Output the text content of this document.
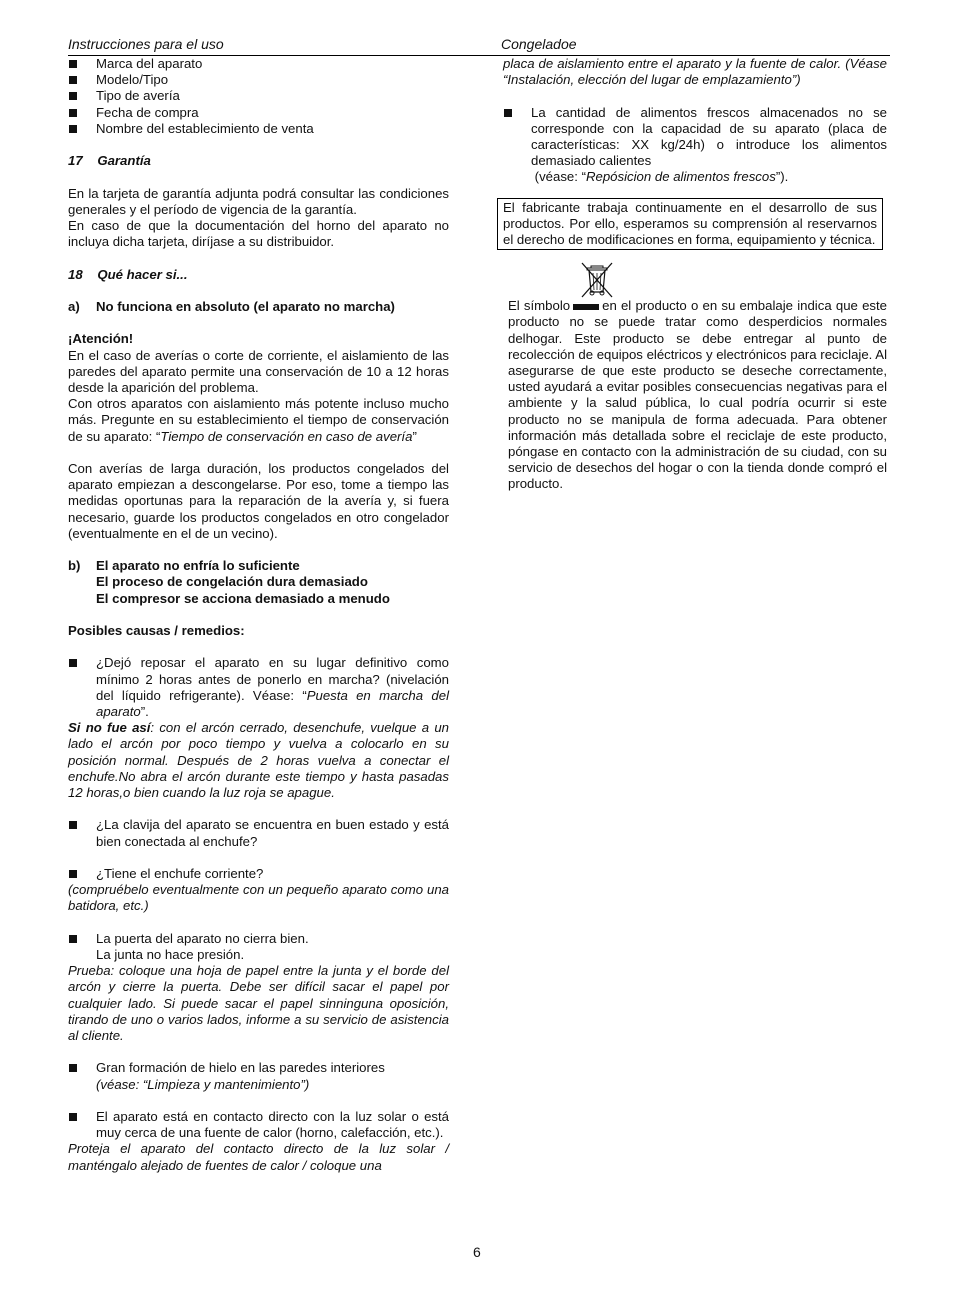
Instrucciones para el uso	Congeladoe
Marca del aparato
Modelo/Tipo
Tipo de avería
Fecha de compra
Nombre del establecimiento de venta

17 Garantía

En la tarjeta de garantía adjunta podrá consultar las condiciones generales y el período de vigencia de la garantía.

En caso de que la documentación del horno del aparato no incluya dicha tarjeta, diríjase a su distribuidor.

18 Qué hacer si...

a)	No funciona en absoluto (el aparato no marcha)

¡Atención!

En el caso de averías o corte de corriente, el aislamiento de las paredes del aparato permite una conservación de 10 a 12 horas desde la aparición del problema.

Con otros aparatos con aislamiento más potente incluso mucho más. Pregunte en su establecimiento el tiempo de conservación de su aparato: “Tiempo de conservación en caso de avería”

Con averías de larga duración, los productos congelados del aparato empiezan a descongelarse. Por eso, tome a tiempo las medidas oportunas para la reparación de la avería y, si fuera necesario, guarde los productos congelados en otro congelador (eventualmente en el de un vecino).

b)	El aparato no enfría lo suficiente
El proceso de congelación dura demasiado
El compresor se acciona demasiado a menudo

Posibles causas / remedios:

¿Dejó reposar el aparato en su lugar definitivo como mínimo 2 horas antes de ponerlo en marcha? (nivelación del líquido refrigerante). Véase: “Puesta en marcha del aparato”.

Si no fue así: con el arcón cerrado, desenchufe, vuelque a un lado el arcón por poco tiempo y vuelva a colocarlo en su posición normal. Después de 2 horas vuelva a conectar el enchufe.No abra el arcón durante este tiempo y hasta pasadas 12 horas,o bien cuando la luz roja se apague.

¿La clavija del aparato se encuentra en buen estado y está bien conectada al enchufe?
¿Tiene el enchufe corriente?

(compruébelo eventualmente con un pequeño aparato como una batidora, etc.)

La puerta del aparato no cierra bien.
La junta no hace presión.

Prueba: coloque una hoja de papel entre la junta y el borde del arcón y cierre la puerta. Debe ser difícil sacar el papel por cualquier lado. Si puede sacar el papel sinninguna oposición, tirando de uno o varios lados, informe a su servicio de asistencia al cliente.

Gran formación de hielo en las paredes interiores
(véase: “Limpieza y mantenimiento”)
El aparato está en contacto directo con la luz solar o está muy cerca de una fuente de calor (horno, calefacción, etc.).

Proteja el aparato del contacto directo de la luz solar / manténgalo alejado de fuentes de calor / coloque una

placa de aislamiento entre el aparato y la fuente de calor. (Véase “Instalación, elección del lugar de emplazamiento”)

La cantidad de alimentos frescos almacenados no se corresponde con la capacidad de su aparato (placa de características: XX kg/24h) o introduce los alimentos demasiado calientes
(véase: “Repósicion de alimentos frescos”).

El fabricante trabaja continuamente en el desarrollo de sus productos. Por ello, esperamos su comprensión al reservarnos el derecho de modificaciones en forma, equipamiento y técnica.

El símbolo en el producto o en su embalaje indica que este producto no se puede tratar como desperdicios normales delhogar. Este producto se debe entregar al punto de recolección de equipos eléctricos y electrónicos para reciclaje. Al asegurarse de que este producto se deseche correctamente, usted ayudará a evitar posibles consecuencias negativas para el ambiente y la salud pública, lo cual podría ocurrir si este producto no se manipula de forma adecuada. Para obtener información más detallada sobre el reciclaje de este producto, póngase en contacto con la administración de su ciudad, con su servicio de desechos del hogar o con la tienda donde compró el producto.

6
